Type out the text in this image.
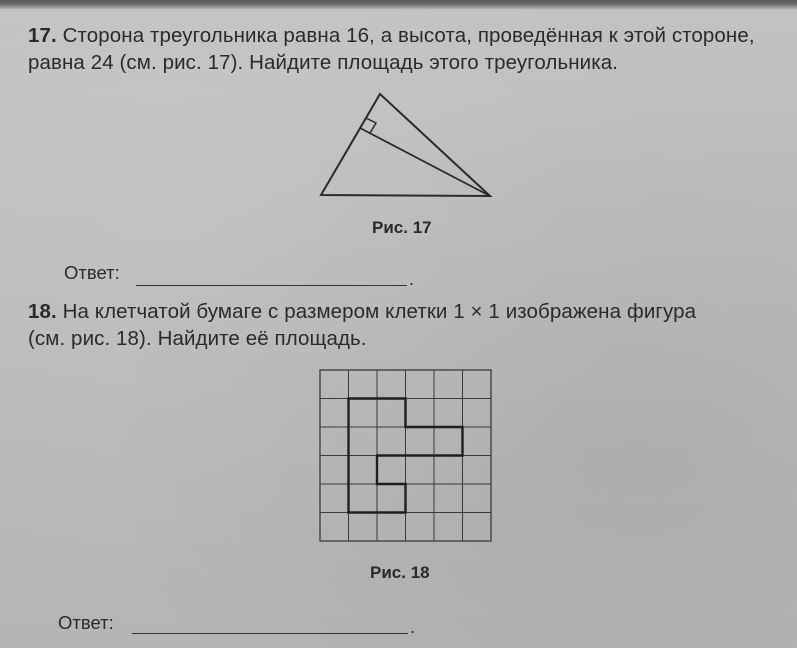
17. Сторона треугольника равна 16, а высота, проведённая к этой стороне,
равна 24 (см. рис. 17). Найдите площадь этого треугольника.
Рис. 17
Ответ:	.
18. На клетчатой бумаге с размером клетки 1 × 1 изображена фигура
(см. рис. 18). Найдите её площадь.
Рис. 18
Ответ:	.
